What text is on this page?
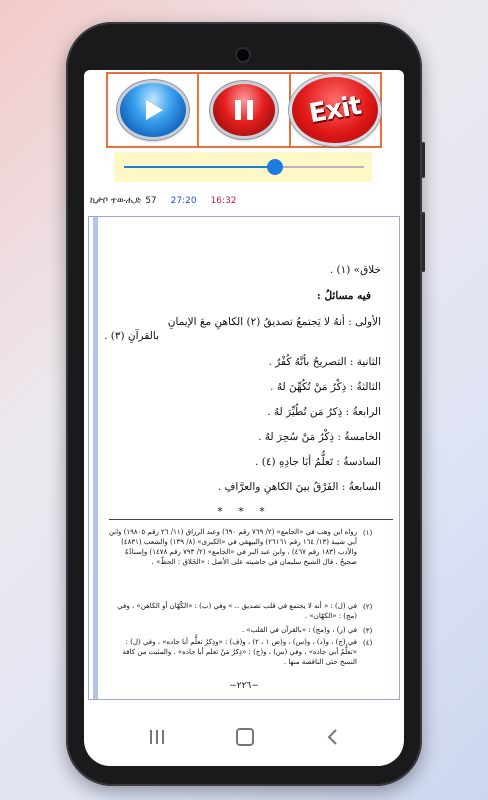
Exit
ኪታቦ ተውሒድ 57 27:20 16:32
خلاق» (١) .
فيه مسائلُ :
الأولى : أنهُ لا يَجتمعُ تصديقُ (٢) الكاهنِ معَ الإيمانِ
بالقرآنِ (٣) .
الثانية : التصريحُ بأنَّهُ كُفْرٌ .
الثالثةُ : ذِكْرُ مَنْ تُكُهِّنَ لهُ .
الرابعةُ : ذِكرُ مَن تُطُيِّرَ لهُ .
الخامسةُ : ذِكْرُ مَنْ سُحِرَ لهُ .
السادسةُ : تَعلُّمُ أبَا جادِهِ (٤) .
السابعةُ : الفَرْقُ بينَ الكاهنِ والعرَّافِ .
* * *
(١)
رواه ابن وهب في «الجامع» (٢/ ٧٦٩ رقم ٦٩٠) وعبد الرزاق (١١/ ٢٦ رقم ١٩٨٠٥) وابن أبي شيبة (١٣/ ١٦٤ رقم ٢٦١٦١) والبيهقي في «الكبرى» (٨/ ١٣٩) والشعب (٤٨٣١) والأدب (١٨٣ رقم ٤٦٧) ، وابن عبد البر في «الجامع» (٢/ ٧٩٣ رقم ١٤٧٨) وإسنادُهُ صحيحٌ . قال الشيخ سليمان في حاشيته على الأصل : «الخَلاق : الحظّ» .
(٢)
في (ل) : « أنه لا يجتمع في قلب تصديق .. » وفي (ب) : «الكُهّان أو الكاهن» ، وفي (مج) : «الكهّان» .
(٣)
في (ر) ، و(مج) : «بالقرآن في القلب» .
(٤)
في (ج) ، و(د) ، و(س) ، و(ض ١ ، ٢) ، و(ف) : «وذِكرُ تعلُّم أبا جاده» ، وفي (ل) : «تعلُّمُ أبي جاده» ، وفي (س) ، و(ج) : «ذِكرُ مَنْ تعلم أبا جاده» . والمثبت من كافة النسخ حتى الناقصة منها .
−٢٢٦−
